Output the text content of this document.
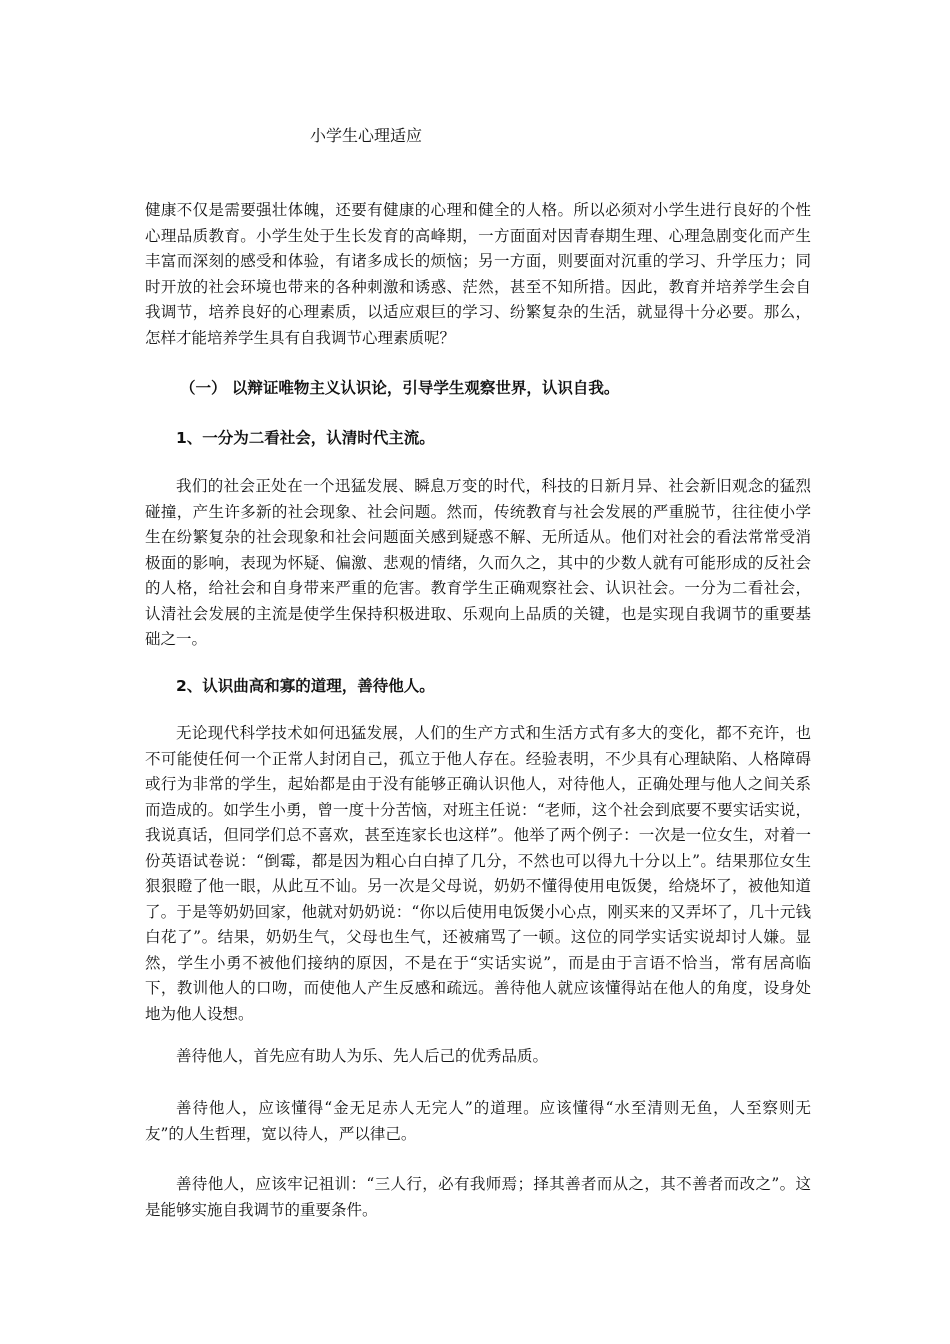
小学生心理适应

健康不仅是需要强壮体魄，还要有健康的心理和健全的人格。所以必须对小学生进行良好的个性心理品质教育。小学生处于生长发育的高峰期，一方面面对因青春期生理、心理急剧变化而产生丰富而深刻的感受和体验，有诸多成长的烦恼；另一方面，则要面对沉重的学习、升学压力；同时开放的社会环境也带来的各种刺激和诱惑、茫然，甚至不知所措。因此，教育并培养学生会自我调节，培养良好的心理素质，以适应艰巨的学习、纷繁复杂的生活，就显得十分必要。那么，怎样才能培养学生具有自我调节心理素质呢？

（一） 以辩证唯物主义认识论，引导学生观察世界，认识自我。

1、一分为二看社会，认清时代主流。

我们的社会正处在一个迅猛发展、瞬息万变的时代，科技的日新月异、社会新旧观念的猛烈碰撞，产生许多新的社会现象、社会问题。然而，传统教育与社会发展的严重脱节，往往使小学生在纷繁复杂的社会现象和社会问题面关感到疑惑不解、无所适从。他们对社会的看法常常受消极面的影响，表现为怀疑、偏激、悲观的情绪，久而久之，其中的少数人就有可能形成的反社会的人格，给社会和自身带来严重的危害。教育学生正确观察社会、认识社会。一分为二看社会，认清社会发展的主流是使学生保持积极进取、乐观向上品质的关键，也是实现自我调节的重要基础之一。

2、认识曲高和寡的道理，善待他人。

无论现代科学技术如何迅猛发展，人们的生产方式和生活方式有多大的变化，都不充许，也不可能使任何一个正常人封闭自己，孤立于他人存在。经验表明，不少具有心理缺陷、人格障碍或行为非常的学生，起始都是由于没有能够正确认识他人，对待他人，正确处理与他人之间关系而造成的。如学生小勇，曾一度十分苦恼，对班主任说：“老师，这个社会到底要不要实话实说，我说真话，但同学们总不喜欢，甚至连家长也这样”。他举了两个例子：一次是一位女生，对着一份英语试卷说：“倒霉，都是因为粗心白白掉了几分，不然也可以得九十分以上”。结果那位女生狠狠瞪了他一眼，从此互不讪。另一次是父母说，奶奶不懂得使用电饭煲，给烧坏了，被他知道了。于是等奶奶回家，他就对奶奶说：“你以后使用电饭煲小心点，刚买来的又弄坏了，几十元钱白花了”。结果，奶奶生气，父母也生气，还被痛骂了一顿。这位的同学实话实说却讨人嫌。显然，学生小勇不被他们接纳的原因，不是在于“实话实说”，而是由于言语不恰当，常有居高临下，教训他人的口吻，而使他人产生反感和疏远。善待他人就应该懂得站在他人的角度，设身处地为他人设想。

善待他人，首先应有助人为乐、先人后己的优秀品质。

善待他人，应该懂得“金无足赤人无完人”的道理。应该懂得“水至清则无鱼，人至察则无友”的人生哲理，宽以待人，严以律己。

善待他人，应该牢记祖训：“三人行，必有我师焉；择其善者而从之，其不善者而改之”。这是能够实施自我调节的重要条件。
